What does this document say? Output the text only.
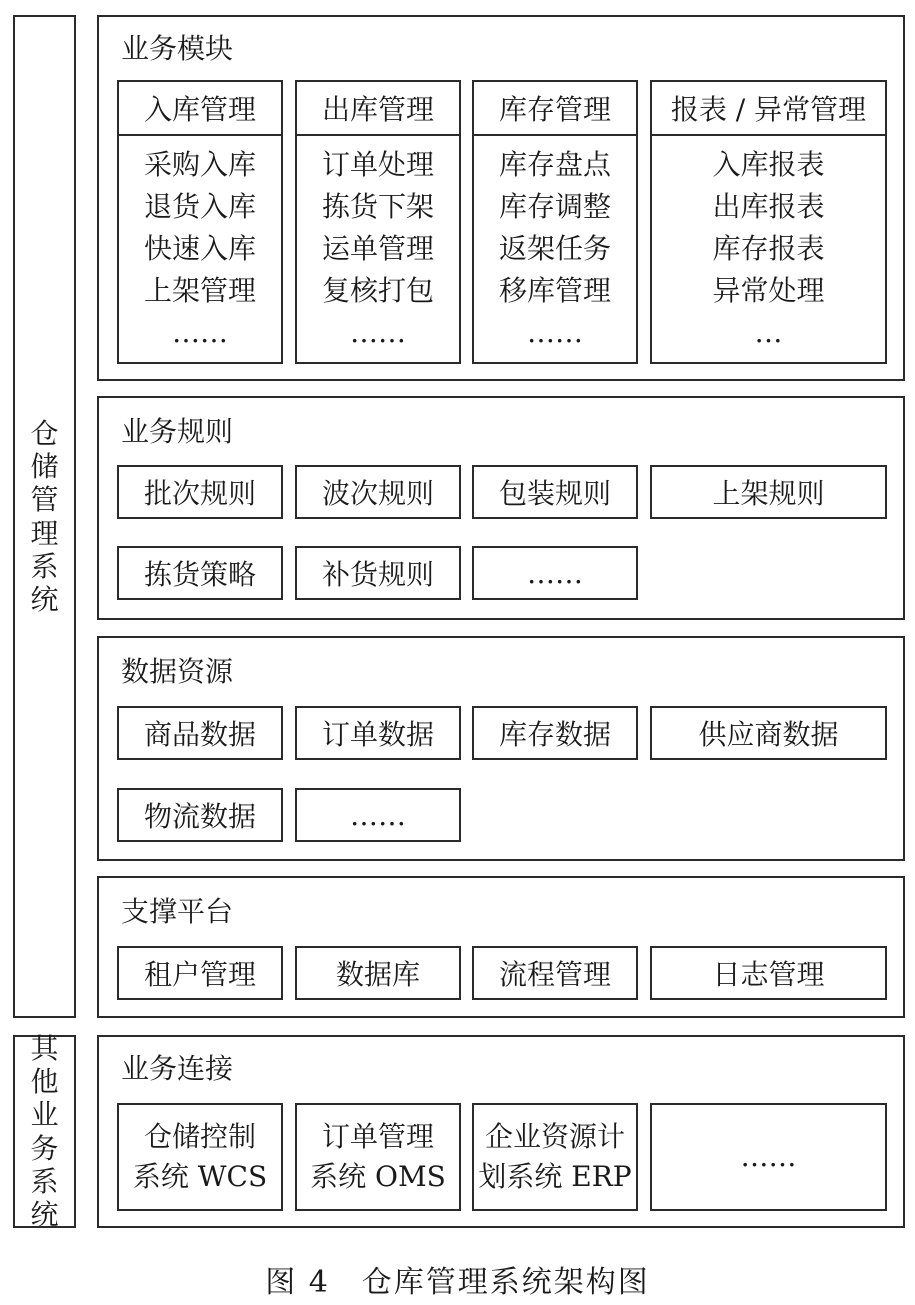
仓储管理系统
其他业务系统
业务模块
入库管理
采购入库
退货入库
快速入库
上架管理
……
出库管理
订单处理
拣货下架
运单管理
复核打包
……
库存管理
库存盘点
库存调整
返架任务
移库管理
……
报表 / 异常管理
入库报表
出库报表
库存报表
异常处理
…
业务规则
批次规则	波次规则	包装规则	上架规则
拣货策略	补货规则	……
数据资源
商品数据	订单数据	库存数据	供应商数据
物流数据	……
支撑平台
租户管理	数据库	流程管理	日志管理
业务连接
仓储控制
系统 WCS
订单管理
系统 OMS
企业资源计
划系统 ERP
……
图 4　仓库管理系统架构图
